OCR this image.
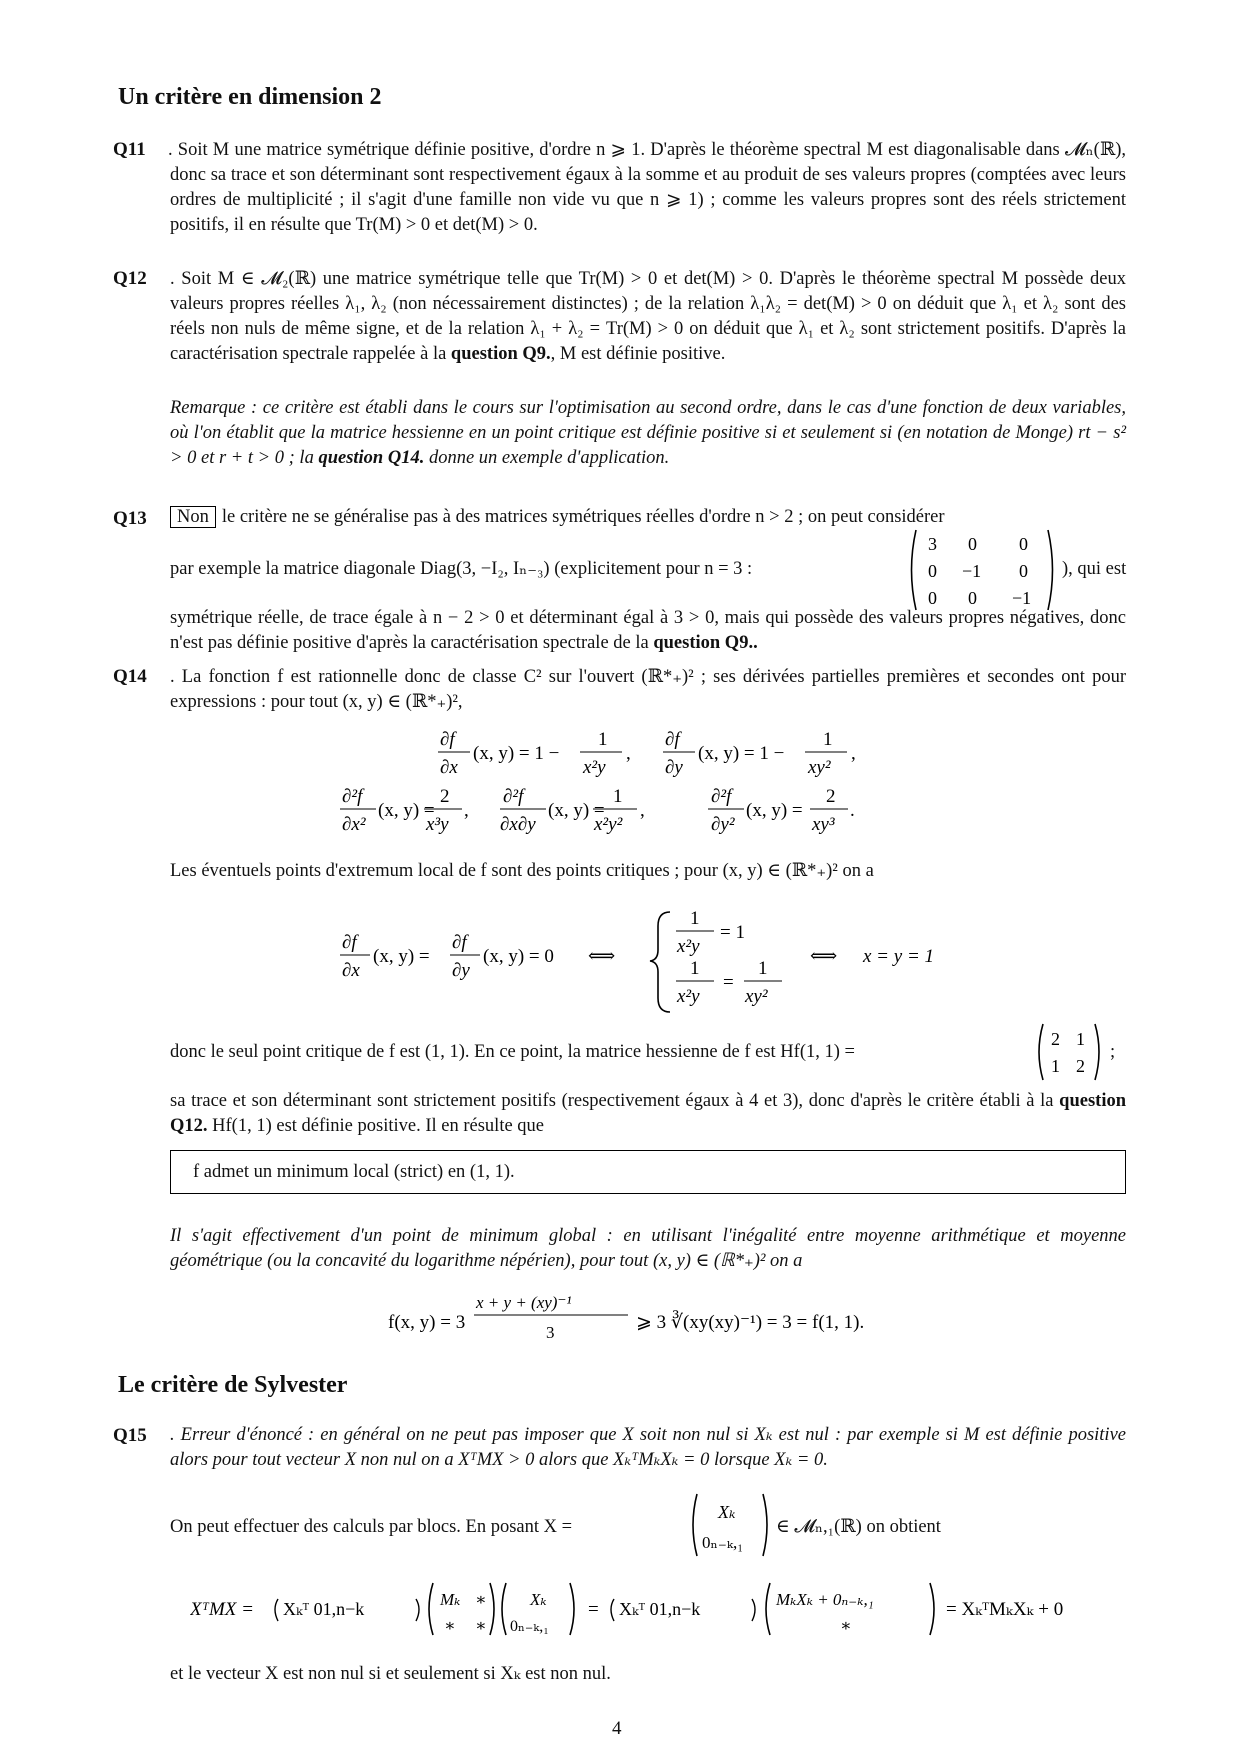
Un critère en dimension 2
Q11 . Soit M une matrice symétrique définie positive, d'ordre n ⩾ 1. D'après le théorème spectral M est diagonalisable dans 𝓜ₙ(ℝ), donc sa trace et son déterminant sont respectivement égaux à la somme et au produit de ses valeurs propres (comptées avec leurs ordres de multiplicité ; il s'agit d'une famille non vide vu que n ⩾ 1) ; comme les valeurs propres sont des réels strictement positifs, il en résulte que Tr(M) > 0 et det(M) > 0.
Q12 . Soit M ∈ 𝓜₂(ℝ) une matrice symétrique telle que Tr(M) > 0 et det(M) > 0. D'après le théorème spectral M possède deux valeurs propres réelles λ₁, λ₂ (non nécessairement distinctes) ; de la relation λ₁λ₂ = det(M) > 0 on déduit que λ₁ et λ₂ sont des réels non nuls de même signe, et de la relation λ₁ + λ₂ = Tr(M) > 0 on déduit que λ₁ et λ₂ sont strictement positifs. D'après la caractérisation spectrale rappelée à la question Q9., M est définie positive.
Remarque : ce critère est établi dans le cours sur l'optimisation au second ordre, dans le cas d'une fonction de deux variables, où l'on établit que la matrice hessienne en un point critique est définie positive si et seulement si (en notation de Monge) rt − s² > 0 et r + t > 0 ; la question Q14. donne un exemple d'application.
Q13	Non le critère ne se généralise pas à des matrices symétriques réelles d'ordre n > 2 ; on peut considérer
par exemple la matrice diagonale Diag(3, −I₂, Iₙ₋₃) (explicitement pour n = 3 :
3 0 0
0 −1 0
0 0 −1
), qui est
symétrique réelle, de trace égale à n − 2 > 0 et déterminant égal à 3 > 0, mais qui possède des valeurs propres négatives, donc n'est pas définie positive d'après la caractérisation spectrale de la question Q9..
Q14 . La fonction f est rationnelle donc de classe C² sur l'ouvert (ℝ*₊)² ; ses dérivées partielles premières et secondes ont pour expressions : pour tout (x, y) ∈ (ℝ*₊)²,
∂f
∂x
(x, y) = 1 −
1
x²y
,
∂f
∂y
(x, y) = 1 −
1
xy²
,
∂²f
∂x²
(x, y) =
2
x³y
,
∂²f
∂x∂y
(x, y) =
1
x²y²
,
∂²f
∂y²
(x, y) =
2
xy³
.
Les éventuels points d'extremum local de f sont des points critiques ; pour (x, y) ∈ (ℝ*₊)² on a
∂f
∂x
(x, y) =
∂f
∂y
(x, y) = 0 ⟺
1
x²y
= 1
1
x²y
=
1
xy²
⟺ x = y = 1
donc le seul point critique de f est (1, 1). En ce point, la matrice hessienne de f est Hf(1, 1) =
2 1
1 2
;
sa trace et son déterminant sont strictement positifs (respectivement égaux à 4 et 3), donc d'après le critère établi à la question Q12. Hf(1, 1) est définie positive. Il en résulte que
f admet un minimum local (strict) en (1, 1).
Il s'agit effectivement d'un point de minimum global : en utilisant l'inégalité entre moyenne arithmétique et moyenne géométrique (ou la concavité du logarithme népérien), pour tout (x, y) ∈ (ℝ*₊)² on a
f(x, y) = 3
x + y + (xy)⁻¹
3	⩾ 3 ∛(xy(xy)⁻¹) = 3 = f(1, 1).
Le critère de Sylvester
Q15 . Erreur d'énoncé : en général on ne peut pas imposer que X soit non nul si Xₖ est nul : par exemple si M est définie positive alors pour tout vecteur X non nul on a XᵀMX > 0 alors que XₖᵀMₖXₖ = 0 lorsque Xₖ = 0.
On peut effectuer des calculs par blocs. En posant X =
Xₖ
0ₙ₋ₖ,₁
∈ 𝓜ₙ,₁(ℝ) on obtient
XᵀMX = Xₖᵀ 01,n−k	Mₖ ∗
∗ ∗
Xₖ
0ₙ₋ₖ,₁
= Xₖᵀ 01,n−k	MₖXₖ + 0ₙ₋ₖ,₁
∗
= XₖᵀMₖXₖ + 0
et le vecteur X est non nul si et seulement si Xₖ est non nul.
4
